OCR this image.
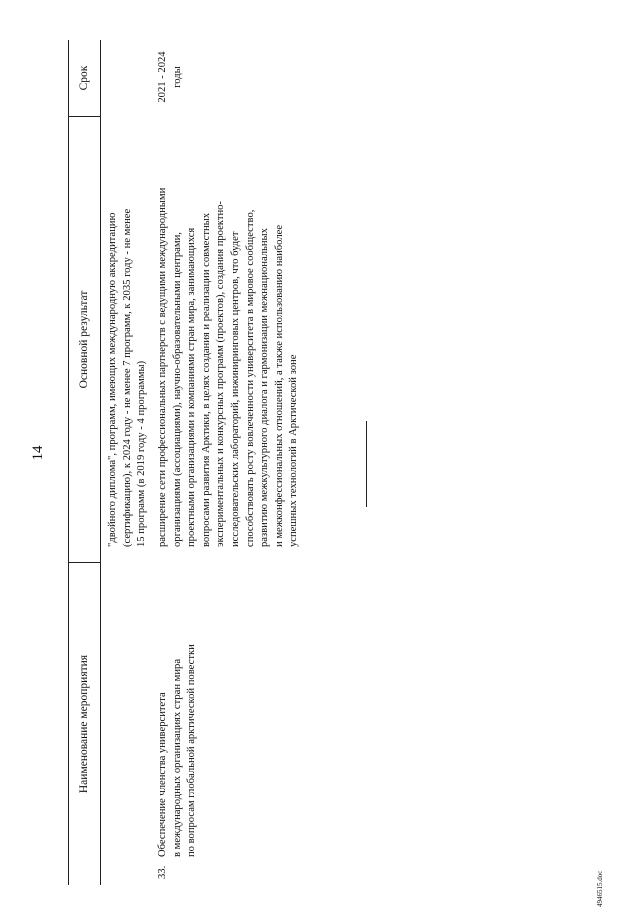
14
Наименование мероприятия
Основной результат
Срок

"двойного диплома", программ, имеющих международную аккредитацию (сертификацию), к 2024 году - не менее 7 программ, к 2035 году - не менее 15 программ (в 2019 году - 4 программы)

33.

Обеспечение членства университета в международных организациях стран мира по вопросам глобальной арктической повестки

расширение сети профессиональных партнерств с ведущими международными организациями (ассоциациями), научно-образовательными центрами, проектными организациями и компаниями стран мира, занимающихся вопросами развития Арктики, в целях создания и реализации совместных экспериментальных и конкурсных программ (проектов), создания проектно- исследовательских лабораторий, инжиниринговых центров, что будет способствовать росту вовлеченности университета в мировое сообщество, развитию межкультурного диалога и гармонизации межнациональных и межконфессиональных отношений, а также использованию наиболее успешных технологий в Арктической зоне

2021 - 2024 годы

4946515.doc
